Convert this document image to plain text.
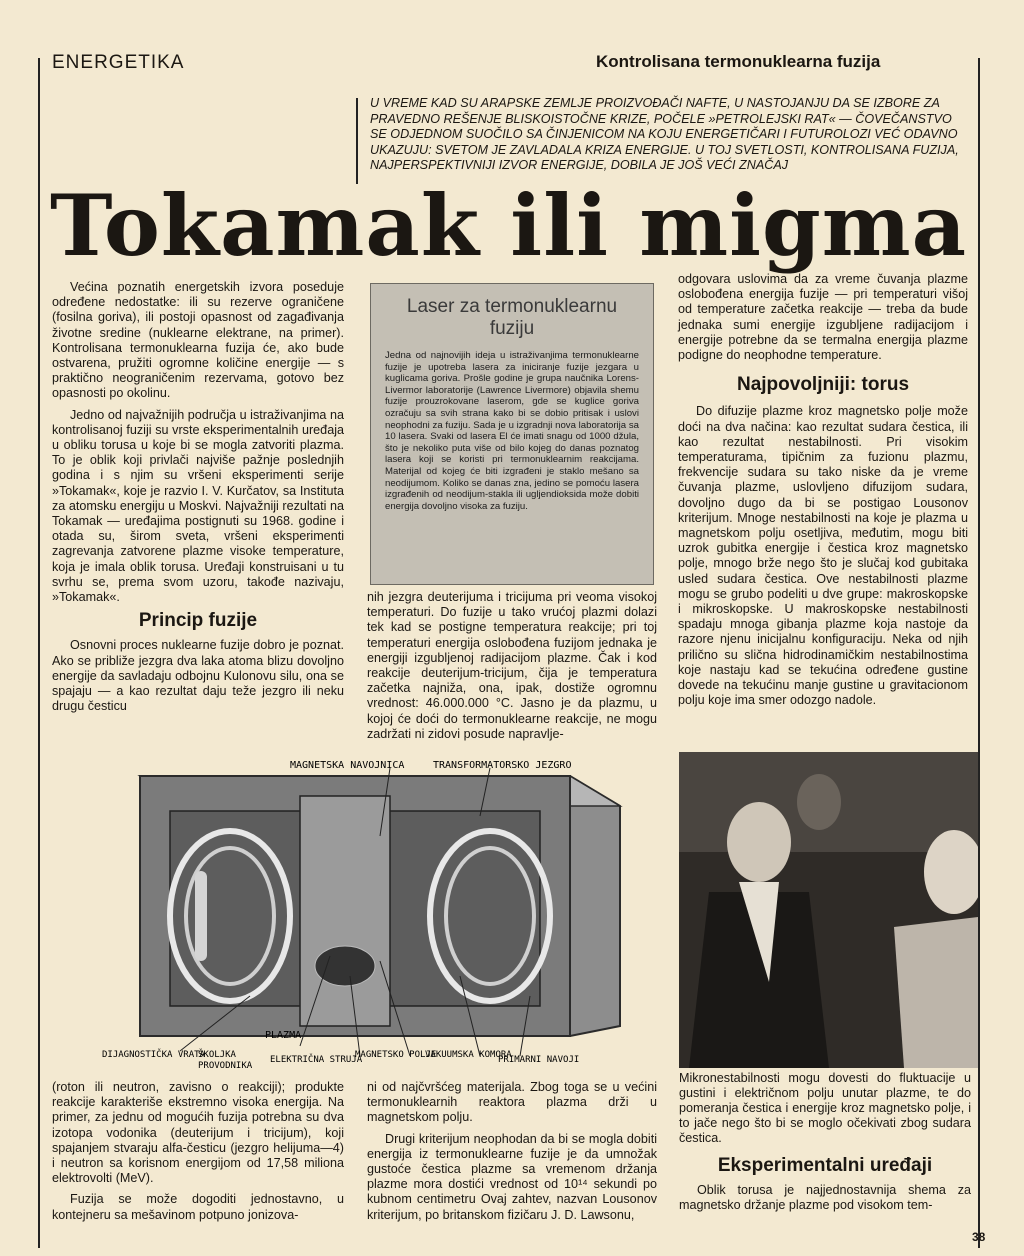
ENERGETIKA	Kontrolisana termonuklearna fuzija

U VREME KAD SU ARAPSKE ZEMLJE PROIZVOĐAČI NAFTE, U NASTOJANJU DA SE IZBORE ZA PRAVEDNO REŠENJE BLISKOISTOČNE KRIZE, POČELE »PETROLEJSKI RAT« — ČOVEČANSTVO SE ODJEDNOM SUOČILO SA ČINJENICOM NA KOJU ENERGETIČARI I FUTUROLOZI VEĆ ODAVNO UKAZUJU: SVETOM JE ZAVLADALA KRIZA ENERGIJE. U TOJ SVETLOSTI, KONTROLISANA FUZIJA, NAJPERSPEKTIVNIJI IZVOR ENERGIJE, DOBILA JE JOŠ VEĆI ZNAČAJ

Tokamak ili migma

Većina poznatih energetskih izvora poseduje određene nedostatke: ili su rezerve ograničene (fosilna goriva), ili postoji opasnost od zagađivanja životne sredine (nuklearne elektrane, na primer). Kontrolisana termonuklearna fuzija će, ako bude ostvarena, pružiti ogromne količine energije — s praktično neograničenim rezervama, gotovo bez opasnosti po okolinu.

Jedno od najvažnijih područja u istraživanjima na kontrolisanoj fuziji su vrste eksperimentalnih uređaja u obliku torusa u koje bi se mogla zatvoriti plazma. To je oblik koji privlači najviše pažnje poslednjih godina i s njim su vršeni eksperimenti serije »Tokamak«, koje je razvio I. V. Kurčatov, sa Instituta za atomsku energiju u Moskvi. Najvažniji rezultati na Tokamak — uređajima postignuti su 1968. godine i otada su, širom sveta, vršeni eksperimenti zagrevanja zatvorene plazme visoke temperature, koja je imala oblik torusa. Uređaji konstruisani u tu svrhu se, prema svom uzoru, takođe nazivaju, »Tokamak«.

Princip fuzije

Osnovni proces nuklearne fuzije dobro je poznat. Ako se približe jezgra dva laka atoma blizu dovoljno energije da savladaju odbojnu Kulonovu silu, ona se spajaju — a kao rezultat daju teže jezgro ili neku drugu česticu

Laser za termonuklearnu fuziju
Jedna od najnovijih ideja u istraživanjima termonuklearne fuzije je upotreba lasera za iniciranje fuzije jezgara u kuglicama goriva. Prošle godine je grupa naučnika Lorens-Livermor laboratorije (Lawrence Livermore) objavila shemu fuzije prouzrokovane laserom, gde se kuglice goriva ozračuju sa svih strana kako bi se dobio pritisak i uslovi neophodni za fuziju. Sada je u izgradnji nova laboratorija sa 10 lasera. Svaki od lasera El će imati snagu od 1000 džula, što je nekoliko puta više od bilo kojeg do danas poznatog lasera koji se koristi pri termonuklearnim reakcijama. Materijal od kojeg će biti izgrađeni je staklo mešano sa neodijumom. Koliko se danas zna, jedino se pomoću lasera izgrađenih od neodijum-stakla ili ugljendioksida može dobiti energija dovoljno visoka za fuziju.

nih jezgra deuterijuma i tricijuma pri veoma visokoj temperaturi. Do fuzije u tako vrućoj plazmi dolazi tek kad se postigne temperatura reakcije; pri toj temperaturi energija oslobođena fuzijom jednaka je energiji izgubljenoj radijacijom plazme. Čak i kod reakcije deuterijum-tricijum, čija je temperatura začetka najniža, ona, ipak, dostiže ogromnu vrednost: 46.000.000 °C. Jasno je da plazmu, u kojoj će doći do termonuklearne reakcije, ne mogu zadržati ni zidovi posude napravlje-

odgovara uslovima da za vreme čuvanja plazme oslobođena energija fuzije — pri temperaturi višoj od temperature začetka reakcije — treba da bude jednaka sumi energije izgubljene radijacijom i energije potrebne da se termalna energija plazme podigne do neophodne temperature.

Najpovoljniji: torus

Do difuzije plazme kroz magnetsko polje može doći na dva načina: kao rezultat sudara čestica, ili kao rezultat nestabilnosti. Pri visokim temperaturama, tipičnim za fuzionu plazmu, frekvencije sudara su tako niske da je vreme čuvanja plazme, uslovljeno difuzijom sudara, dovoljno dugo da bi se postigao Lousonov kriterijum. Mnoge nestabilnosti na koje je plazma u magnetskom polju osetljiva, međutim, mogu biti uzrok gubitka energije i čestica kroz magnetsko polje, mnogo brže nego što je slučaj kod gubitaka usled sudara čestica. Ove nestabilnosti plazme mogu se grubo podeliti u dve grupe: makroskopske i mikroskopske. U makroskopske nestabilnosti spadaju mnoga gibanja plazme koja nastoje da razore njenu inicijalnu konfiguraciju. Neka od njih prilično su slična hidrodinamičkim nestabilnostima koje nastaju kad se tekućina određene gustine dovede na tekućinu manje gustine u gravitacionom polju koje ima smer odozgo nadole.

MAGNETSKA NAVOJNICA	TRANSFORMATORSKO JEZGRO
PLAZMA
DIJAGNOSTIČKA VRATA
ŠKOLJKA
PROVODNIKA
ELEKTRIČNA STRUJA
MAGNETSKO POLJE
VAKUUMSKA KOMORA
PRIMARNI NAVOJI

(roton ili neutron, zavisno o reakciji); produkte reakcije karakteriše ekstremno visoka energija. Na primer, za jednu od mogućih fuzija potrebna su dva izotopa vodonika (deuterijum i tricijum), koji spajanjem stvaraju alfa-česticu (jezgro helijuma—4) i neutron sa korisnom energijom od 17,58 miliona elektrovolti (MeV).

Fuzija se može dogoditi jednostavno, u kontejneru sa mešavinom potpuno jonizova-

ni od najčvršćeg materijala. Zbog toga se u većini termonuklearnih reaktora plazma drži u magnetskom polju.

Drugi kriterijum neophodan da bi se mogla dobiti energija iz termonuklearne fuzije je da umnožak gustoće čestica plazme sa vremenom držanja plazme mora dostići vrednost od 10¹⁴ sekundi po kubnom centimetru Ovaj zahtev, nazvan Lousonov kriterijum, po britanskom fizičaru J. D. Lawsonu,

Mikronestabilnosti mogu dovesti do fluktuacije u gustini i električnom polju unutar plazme, te do pomeranja čestica i energije kroz magnetsko polje, i to jače nego što bi se moglo očekivati zbog sudara čestica.
Eksperimentalni uređaji
Oblik torusa je najjednostavnija shema za magnetsko držanje plazme pod visokom tem-
38
